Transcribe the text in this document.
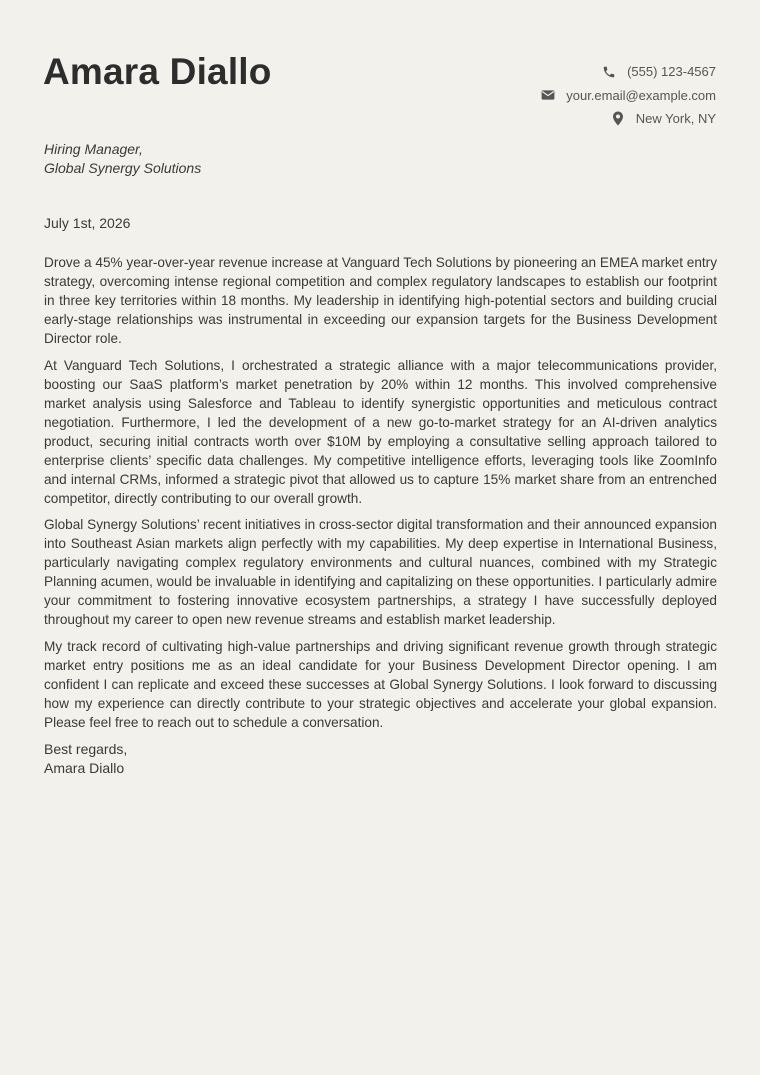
Amara Diallo	(555) 123-4567
your.email@example.com
New York, NY
Hiring Manager,
Global Synergy Solutions
July 1st, 2026

Drove a 45% year-over-year revenue increase at Vanguard Tech Solutions by pioneering an EMEA market entry strategy, overcoming intense regional competition and complex regulatory landscapes to establish our footprint in three key territories within 18 months. My leadership in identifying high-potential sectors and building crucial early-stage relationships was instrumental in exceeding our expansion targets for the Business Development Director role.

At Vanguard Tech Solutions, I orchestrated a strategic alliance with a major telecommunications provider, boosting our SaaS platform’s market penetration by 20% within 12 months. This involved comprehensive market analysis using Salesforce and Tableau to identify synergistic opportunities and meticulous contract negotiation. Furthermore, I led the development of a new go-to-market strategy for an AI-driven analytics product, securing initial contracts worth over $10M by employing a consultative selling approach tailored to enterprise clients’ specific data challenges. My competitive intelligence efforts, leveraging tools like ZoomInfo and internal CRMs, informed a strategic pivot that allowed us to capture 15% market share from an entrenched competitor, directly contributing to our overall growth.

Global Synergy Solutions’ recent initiatives in cross-sector digital transformation and their announced expansion into Southeast Asian markets align perfectly with my capabilities. My deep expertise in International Business, particularly navigating complex regulatory environments and cultural nuances, combined with my Strategic Planning acumen, would be invaluable in identifying and capitalizing on these opportunities. I particularly admire your commitment to fostering innovative ecosystem partnerships, a strategy I have successfully deployed throughout my career to open new revenue streams and establish market leadership.

My track record of cultivating high-value partnerships and driving significant revenue growth through strategic market entry positions me as an ideal candidate for your Business Development Director opening. I am confident I can replicate and exceed these successes at Global Synergy Solutions. I look forward to discussing how my experience can directly contribute to your strategic objectives and accelerate your global expansion. Please feel free to reach out to schedule a conversation.

Best regards,
Amara Diallo
